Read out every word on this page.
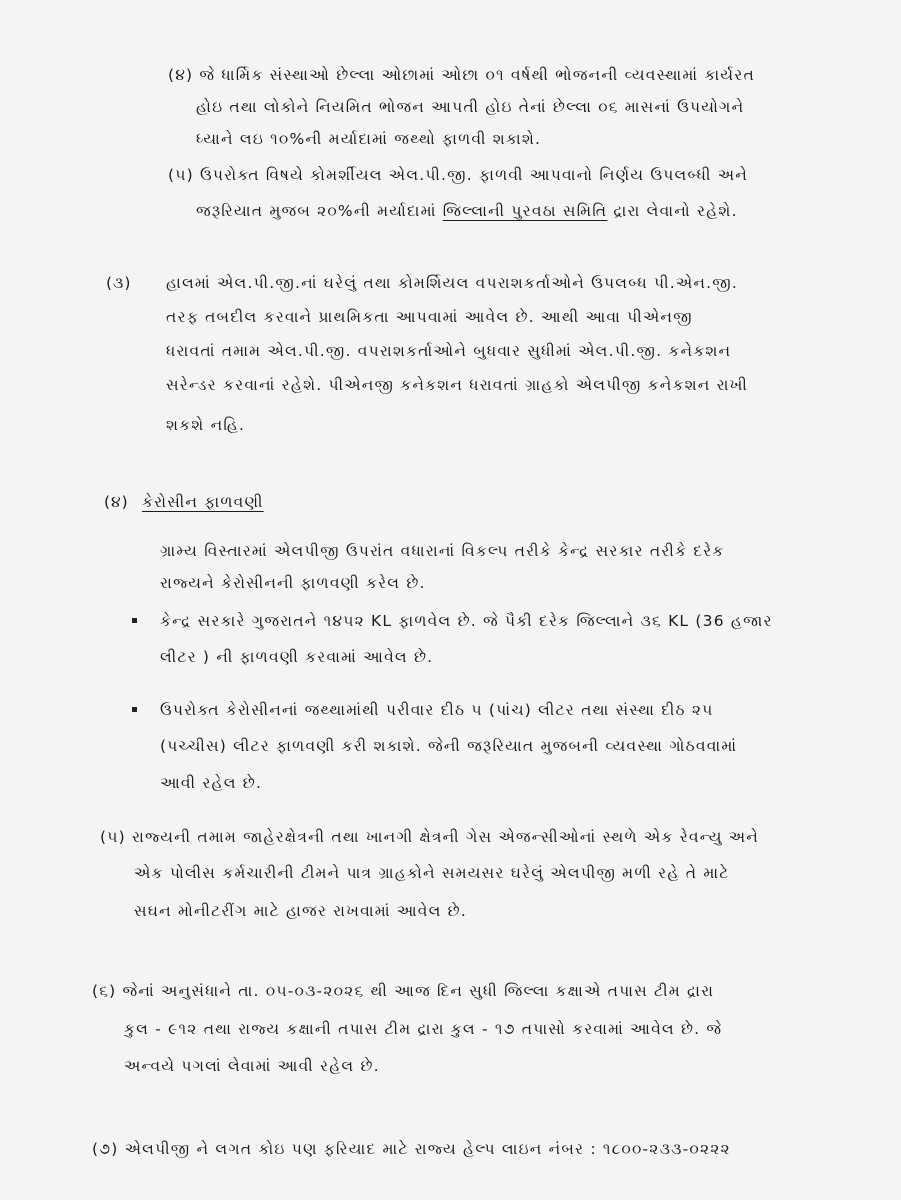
(૪) જે ધાર્મિક સંસ્થાઓ છેલ્લા ઓછામાં ઓછા ૦૧ વર્ષથી ભોજનની વ્યવસ્થામાં કાર્યરત
હોઇ તથા લોકોને નિયમિત ભોજન આપતી હોઇ તેનાં છેલ્લા ૦૬ માસનાં ઉપયોગને
ધ્યાને લઇ ૧૦%ની મર્યાદામાં જથ્થો ફાળવી શકાશે.
(૫) ઉપરોક્ત વિષયે કોમર્શીયલ એલ.પી.જી. ફાળવી આપવાનો નિર્ણય ઉપલબ્ધી અને
જરૂરિયાત મુજબ ૨૦%ની મર્યાદામાં જિલ્લાની પુરવઠા સમિતિ દ્રારા લેવાનો રહેશે.
(૩) હાલમાં એલ.પી.જી.નાં ઘરેલું તથા કોમર્શિયલ વપરાશકર્તાઓને ઉપલબ્ધ પી.એન.જી.
તરફ તબદીલ કરવાને પ્રાથમિકતા આપવામાં આવેલ છે. આથી આવા પીએનજી
ધરાવતાં તમામ એલ.પી.જી. વપરાશકર્તાઓને બુધવાર સુધીમાં એલ.પી.જી. કનેકશન
સરેન્ડર કરવાનાં રહેશે. પીએનજી કનેકશન ધરાવતાં ગ્રાહકો એલપીજી કનેકશન રાખી
શકશે નહિ.
(૪) કેરોસીન ફાળવણી
ગ્રામ્ય વિસ્તારમાં એલપીજી ઉપરાંત વધારાનાં વિકલ્પ તરીકે કેન્દ્ર સરકાર તરીકે દરેક
રાજ્યને કેરોસીનની ફાળવણી કરેલ છે.
કેન્દ્ર સરકારે ગુજરાતને ૧૪૫૨ KL ફાળવેલ છે. જે પૈકી દરેક જિલ્લાને ૩૬ KL (36 હજાર
લીટર ) ની ફાળવણી કરવામાં આવેલ છે.
ઉપરોક્ત કેરોસીનનાં જથ્થામાંથી પરીવાર દીઠ ૫ (પાંચ) લીટર તથા સંસ્થા દીઠ ૨૫
(પચ્ચીસ) લીટર ફાળવણી કરી શકાશે. જેની જરૂરિયાત મુજબની વ્યવસ્થા ગોઠવવામાં
આવી રહેલ છે.
(૫) રાજ્યની તમામ જાહેરક્ષેત્રની તથા ખાનગી ક્ષેત્રની ગેસ એજન્સીઓનાં સ્થળે એક રેવન્યુ અને
એક પોલીસ કર્મચારીની ટીમને પાત્ર ગ્રાહકોને સમયસર ઘરેલું એલપીજી મળી રહે તે માટે
સઘન મોનીટરીંગ માટે હાજર રાખવામાં આવેલ છે.
(૬) જેનાં અનુસંધાને તા. ૦૫-૦૩-૨૦૨૬ થી આજ દિન સુધી જિલ્લા કક્ષાએ તપાસ ટીમ દ્રારા
કુલ - ૯૧૨ તથા રાજ્ય કક્ષાની તપાસ ટીમ દ્રારા કુલ - ૧૭ તપાસો કરવામાં આવેલ છે. જે
અન્વયે પગલાં લેવામાં આવી રહેલ છે.
(૭) એલપીજી ને લગત કોઇ પણ ફરિયાદ માટે રાજ્ય હેલ્પ લાઇન નંબર : ૧૮૦૦-૨૩૩-૦૨૨૨
